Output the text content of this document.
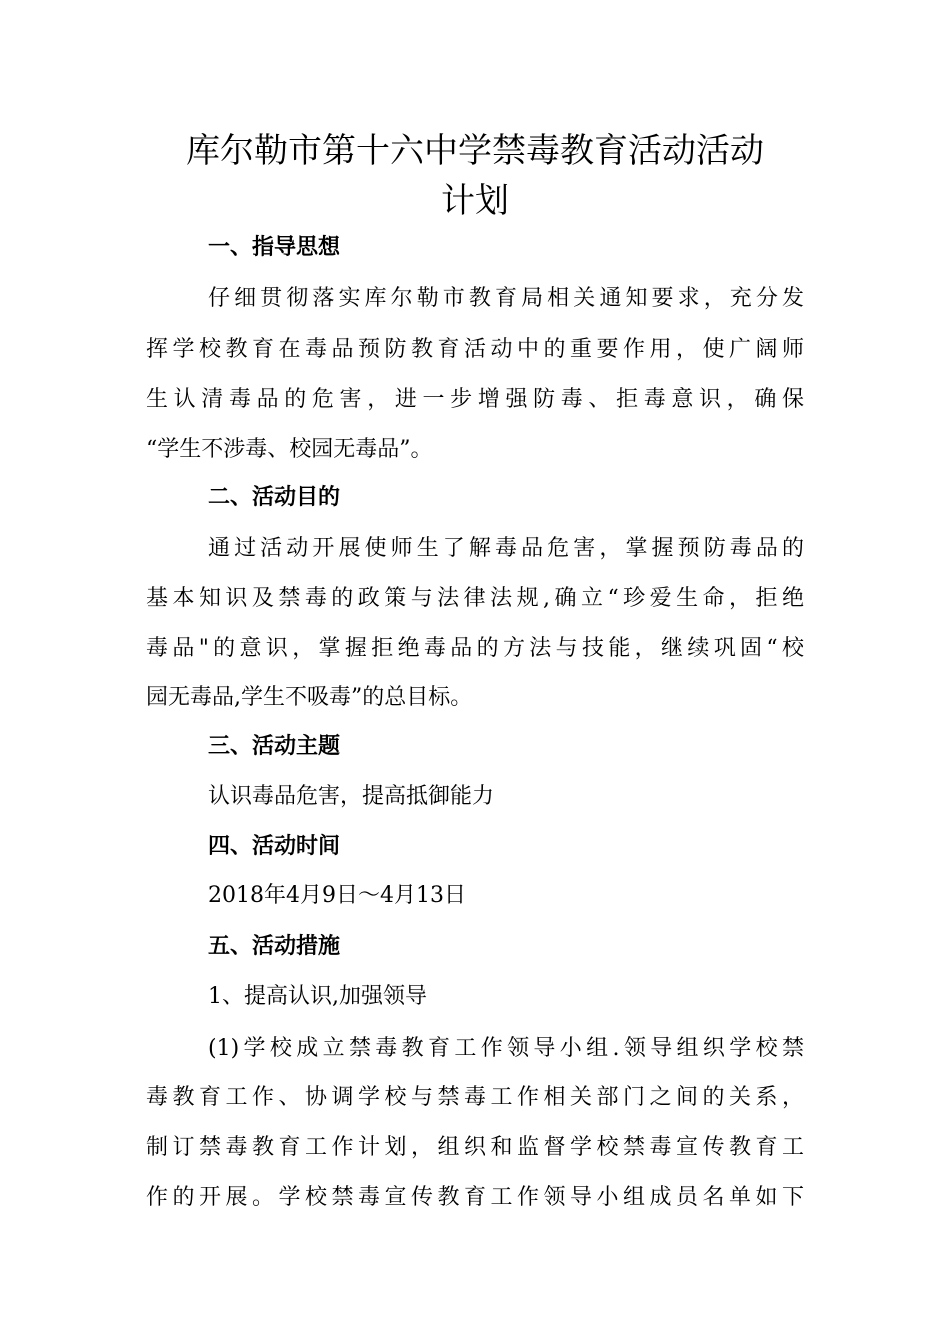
库尔勒市第十六中学禁毒教育活动活动
计划
一、指导思想
仔细贯彻落实库尔勒市教育局相关通知要求，充分发
挥学校教育在毒品预防教育活动中的重要作用，使广阔师
生认清毒品的危害，进一步增强防毒、拒毒意识，确保
“学生不涉毒、校园无毒品”。
二、活动目的
通过活动开展使师生了解毒品危害，掌握预防毒品的
基本知识及禁毒的政策与法律法规,确立“珍爱生命，拒绝
毒品"的意识，掌握拒绝毒品的方法与技能，继续巩固“校
园无毒品,学生不吸毒”的总目标。
三、活动主题
认识毒品危害，提高抵御能力
四、活动时间
2018年4月9日～4月13日
五、活动措施
1、提高认识,加强领导
(1)学校成立禁毒教育工作领导小组.领导组织学校禁
毒教育工作、协调学校与禁毒工作相关部门之间的关系，
制订禁毒教育工作计划，组织和监督学校禁毒宣传教育工
作的开展。学校禁毒宣传教育工作领导小组成员名单如下
